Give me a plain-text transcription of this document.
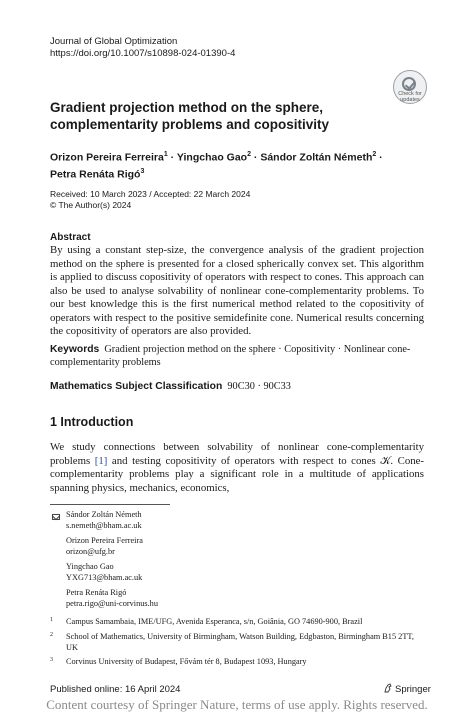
Journal of Global Optimization
https://doi.org/10.1007/s10898-024-01390-4
Check for
updates
Gradient projection method on the sphere, complementarity problems and copositivity
Orizon Pereira Ferreira$^1$ · Yingchao Gao$^2$ · Sándor Zoltán Németh$^2$ ·
Petra Renáta Rigó$^3$
Received: 10 March 2023 / Accepted: 22 March 2024
© The Author(s) 2024
Abstract
By using a constant step-size, the convergence analysis of the gradient projection method on the sphere is presented for a closed spherically convex set. This algorithm is applied to discuss copositivity of operators with respect to cones. This approach can also be used to analyse solvability of nonlinear cone-complementarity problems. To our best knowledge this is the first numerical method related to the copositivity of operators with respect to the positive semidefinite cone. Numerical results concerning the copositivity of operators are also provided.
Keywords Gradient projection method on the sphere · Copositivity · Nonlinear cone-complementarity problems
Mathematics Subject Classification 90C30 · 90C33
1 Introduction
We study connections between solvability of nonlinear cone-complementarity problems [1] and testing copositivity of operators with respect to cones 𝒦. Cone-complementarity problems play a significant role in a multitude of applications spanning physics, mechanics, economics,
Sándor Zoltán Németh
s.nemeth@bham.ac.uk
Orizon Pereira Ferreira
orizon@ufg.br
Yingchao Gao
YXG713@bham.ac.uk
Petra Renáta Rigó
petra.rigo@uni-corvinus.hu
1 Campus Samambaia, IME/UFG, Avenida Esperanca, s/n, Goiânia, GO 74690-900, Brazil
2 School of Mathematics, University of Birmingham, Watson Building, Edgbaston, Birmingham B15 2TT, UK
3 Corvinus University of Budapest, Fővám tér 8, Budapest 1093, Hungary
Published online: 16 April 2024	Springer
Content courtesy of Springer Nature, terms of use apply. Rights reserved.
